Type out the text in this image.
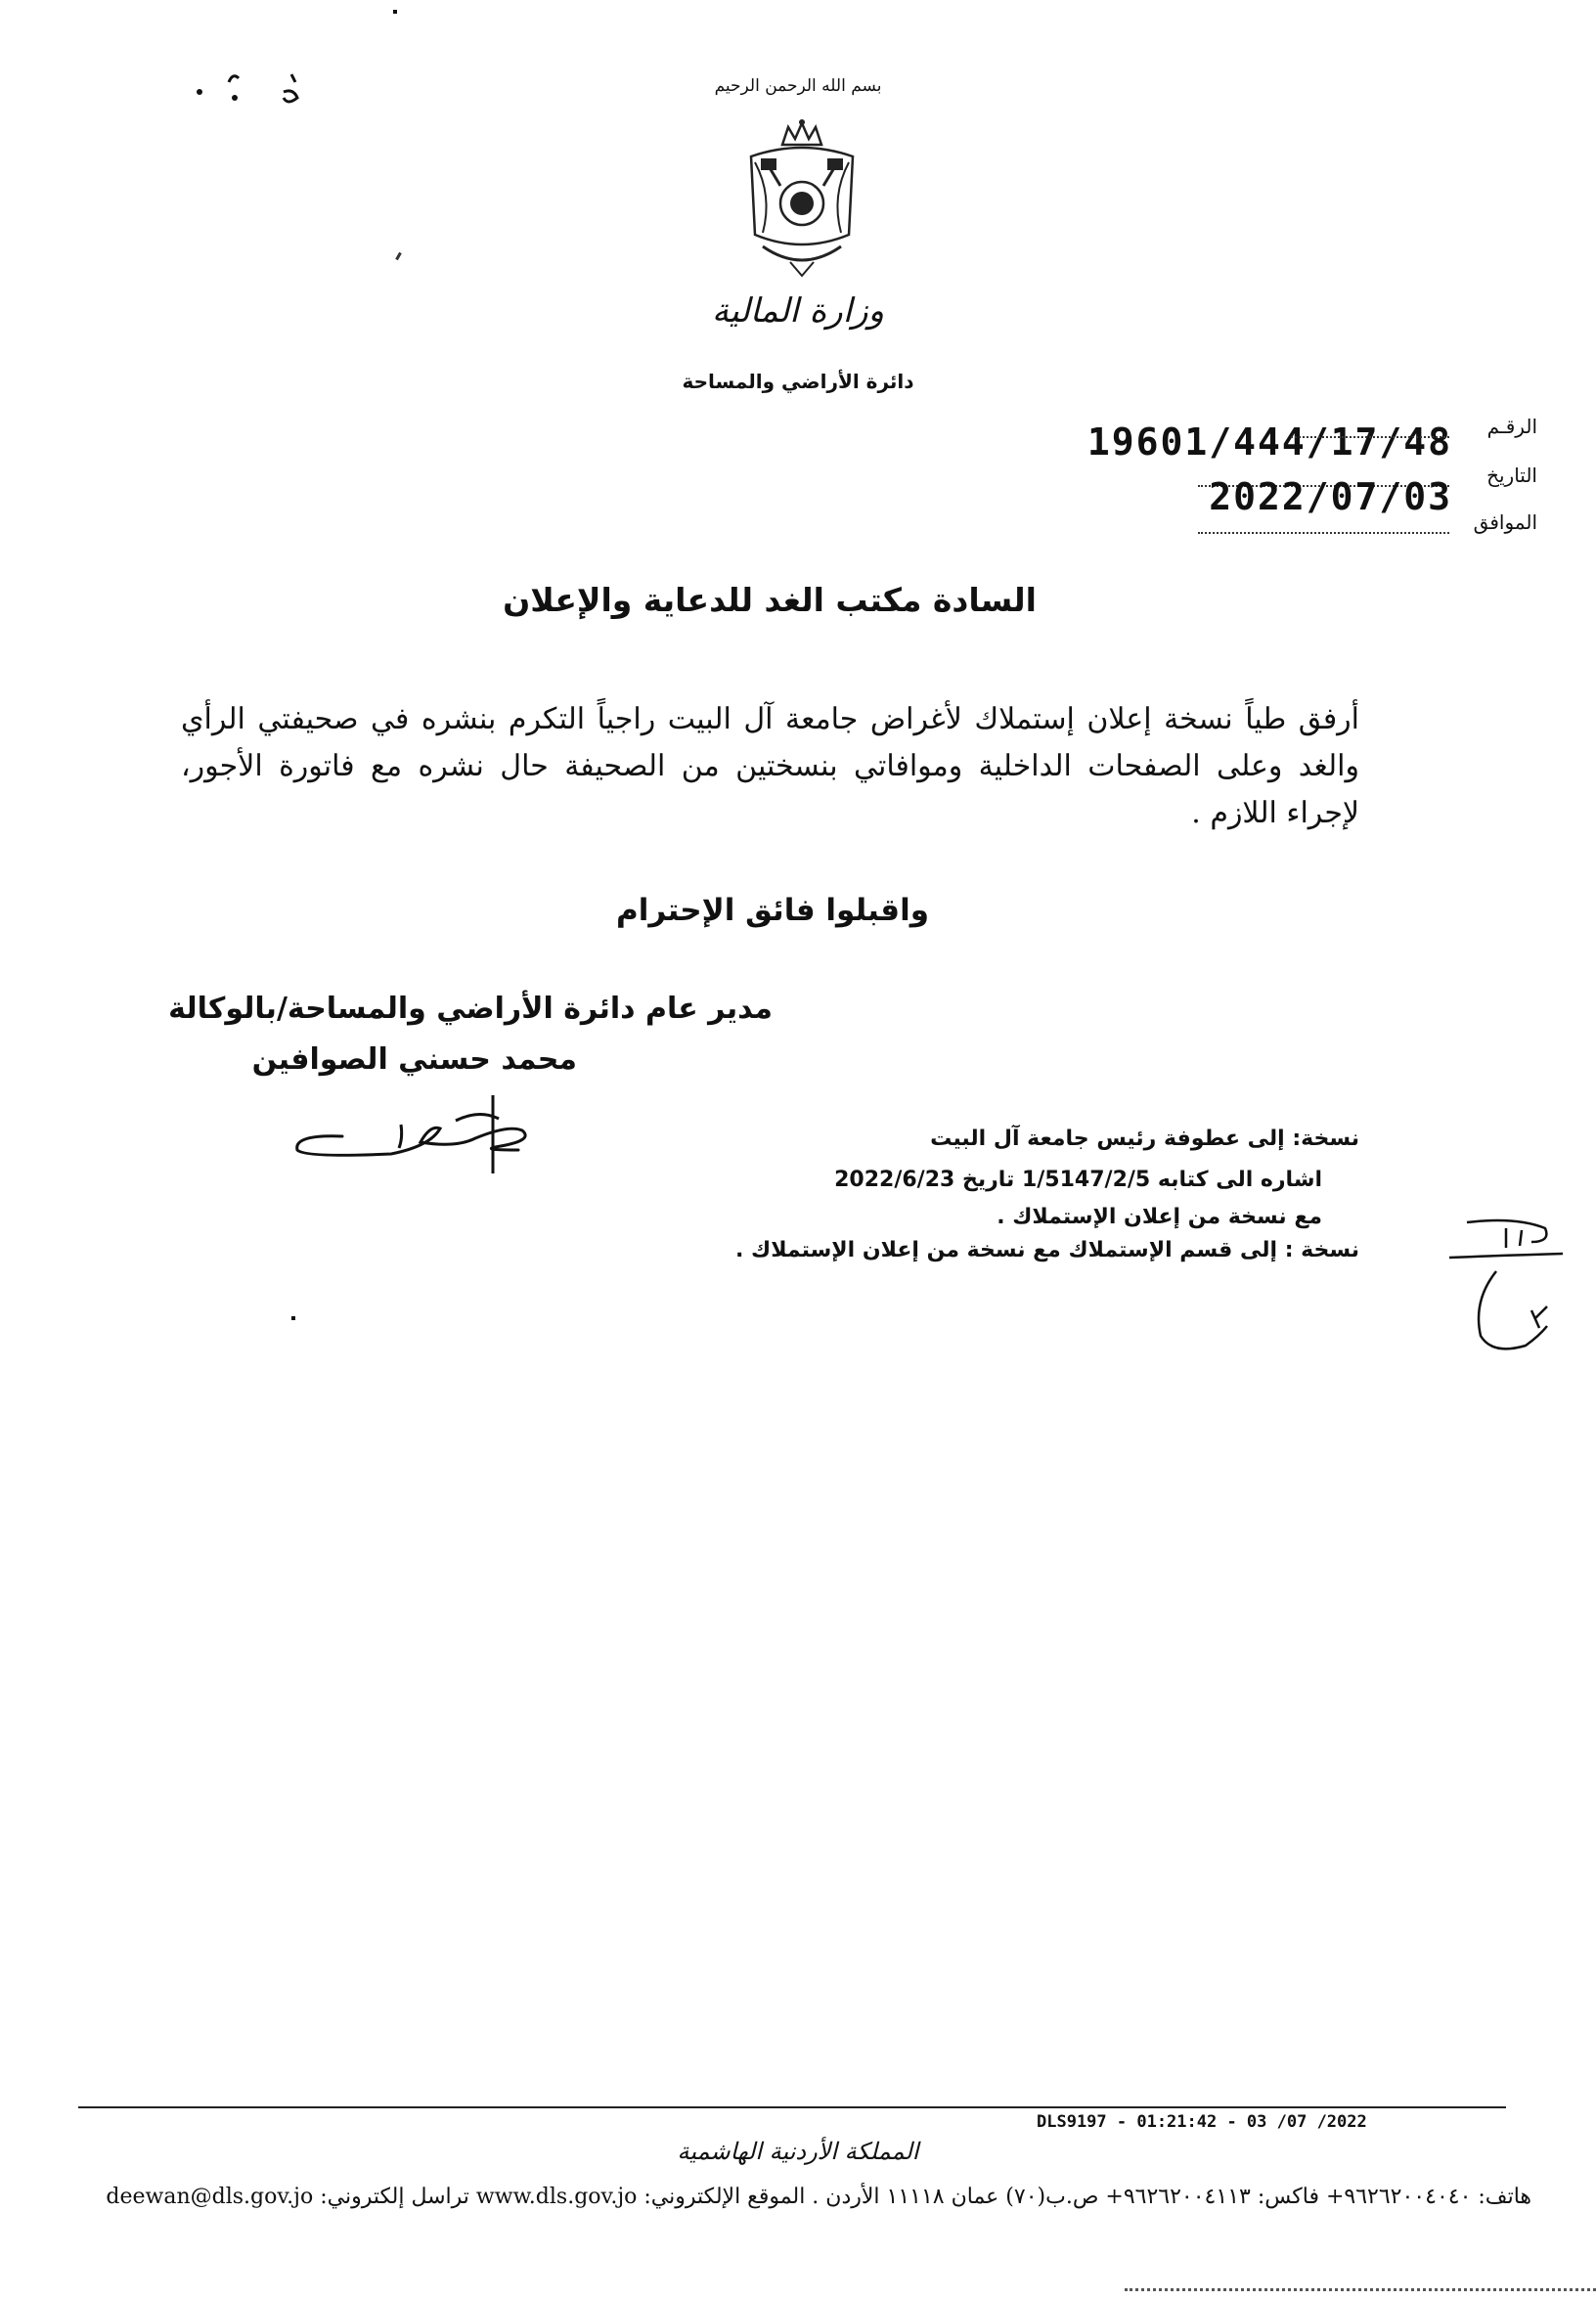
بسم الله الرحمن الرحيم
وزارة المالية
دائرة الأراضي والمساحة
الرقـم
19601/444/17/48
التاريخ
2022/07/03
الموافق
السادة مكتب الغد للدعاية والإعلان
أرفق طياً نسخة إعلان إستملاك لأغراض جامعة آل البيت راجياً التكرم بنشره في صحيفتي الرأي والغد وعلى الصفحات الداخلية وموافاتي بنسختين من الصحيفة حال نشره مع فاتورة الأجور، لإجراء اللازم .
واقبلوا فائق الإحترام
مدير عام دائرة الأراضي والمساحة/بالوكالة
محمد حسني الصوافين
نسخة: إلى عطوفة رئيس جامعة آل البيت
اشاره الى كتابه 1/5147/2/5 تاريخ 2022/6/23
مع نسخة من إعلان الإستملاك .
نسخة : إلى قسم الإستملاك مع نسخة من إعلان الإستملاك .
DLS9197 - 01:21:42 - 03 /07 /2022
المملكة الأردنية الهاشمية
هاتف: ٩٦٢٦٢٠٠٤٠٤٠+ فاكس: ٩٦٢٦٢٠٠٤١١٣+ ص.ب(٧٠) عمان ١١١١٨ الأردن . الموقع الإلكتروني: www.dls.gov.jo تراسل إلكتروني: deewan@dls.gov.jo
